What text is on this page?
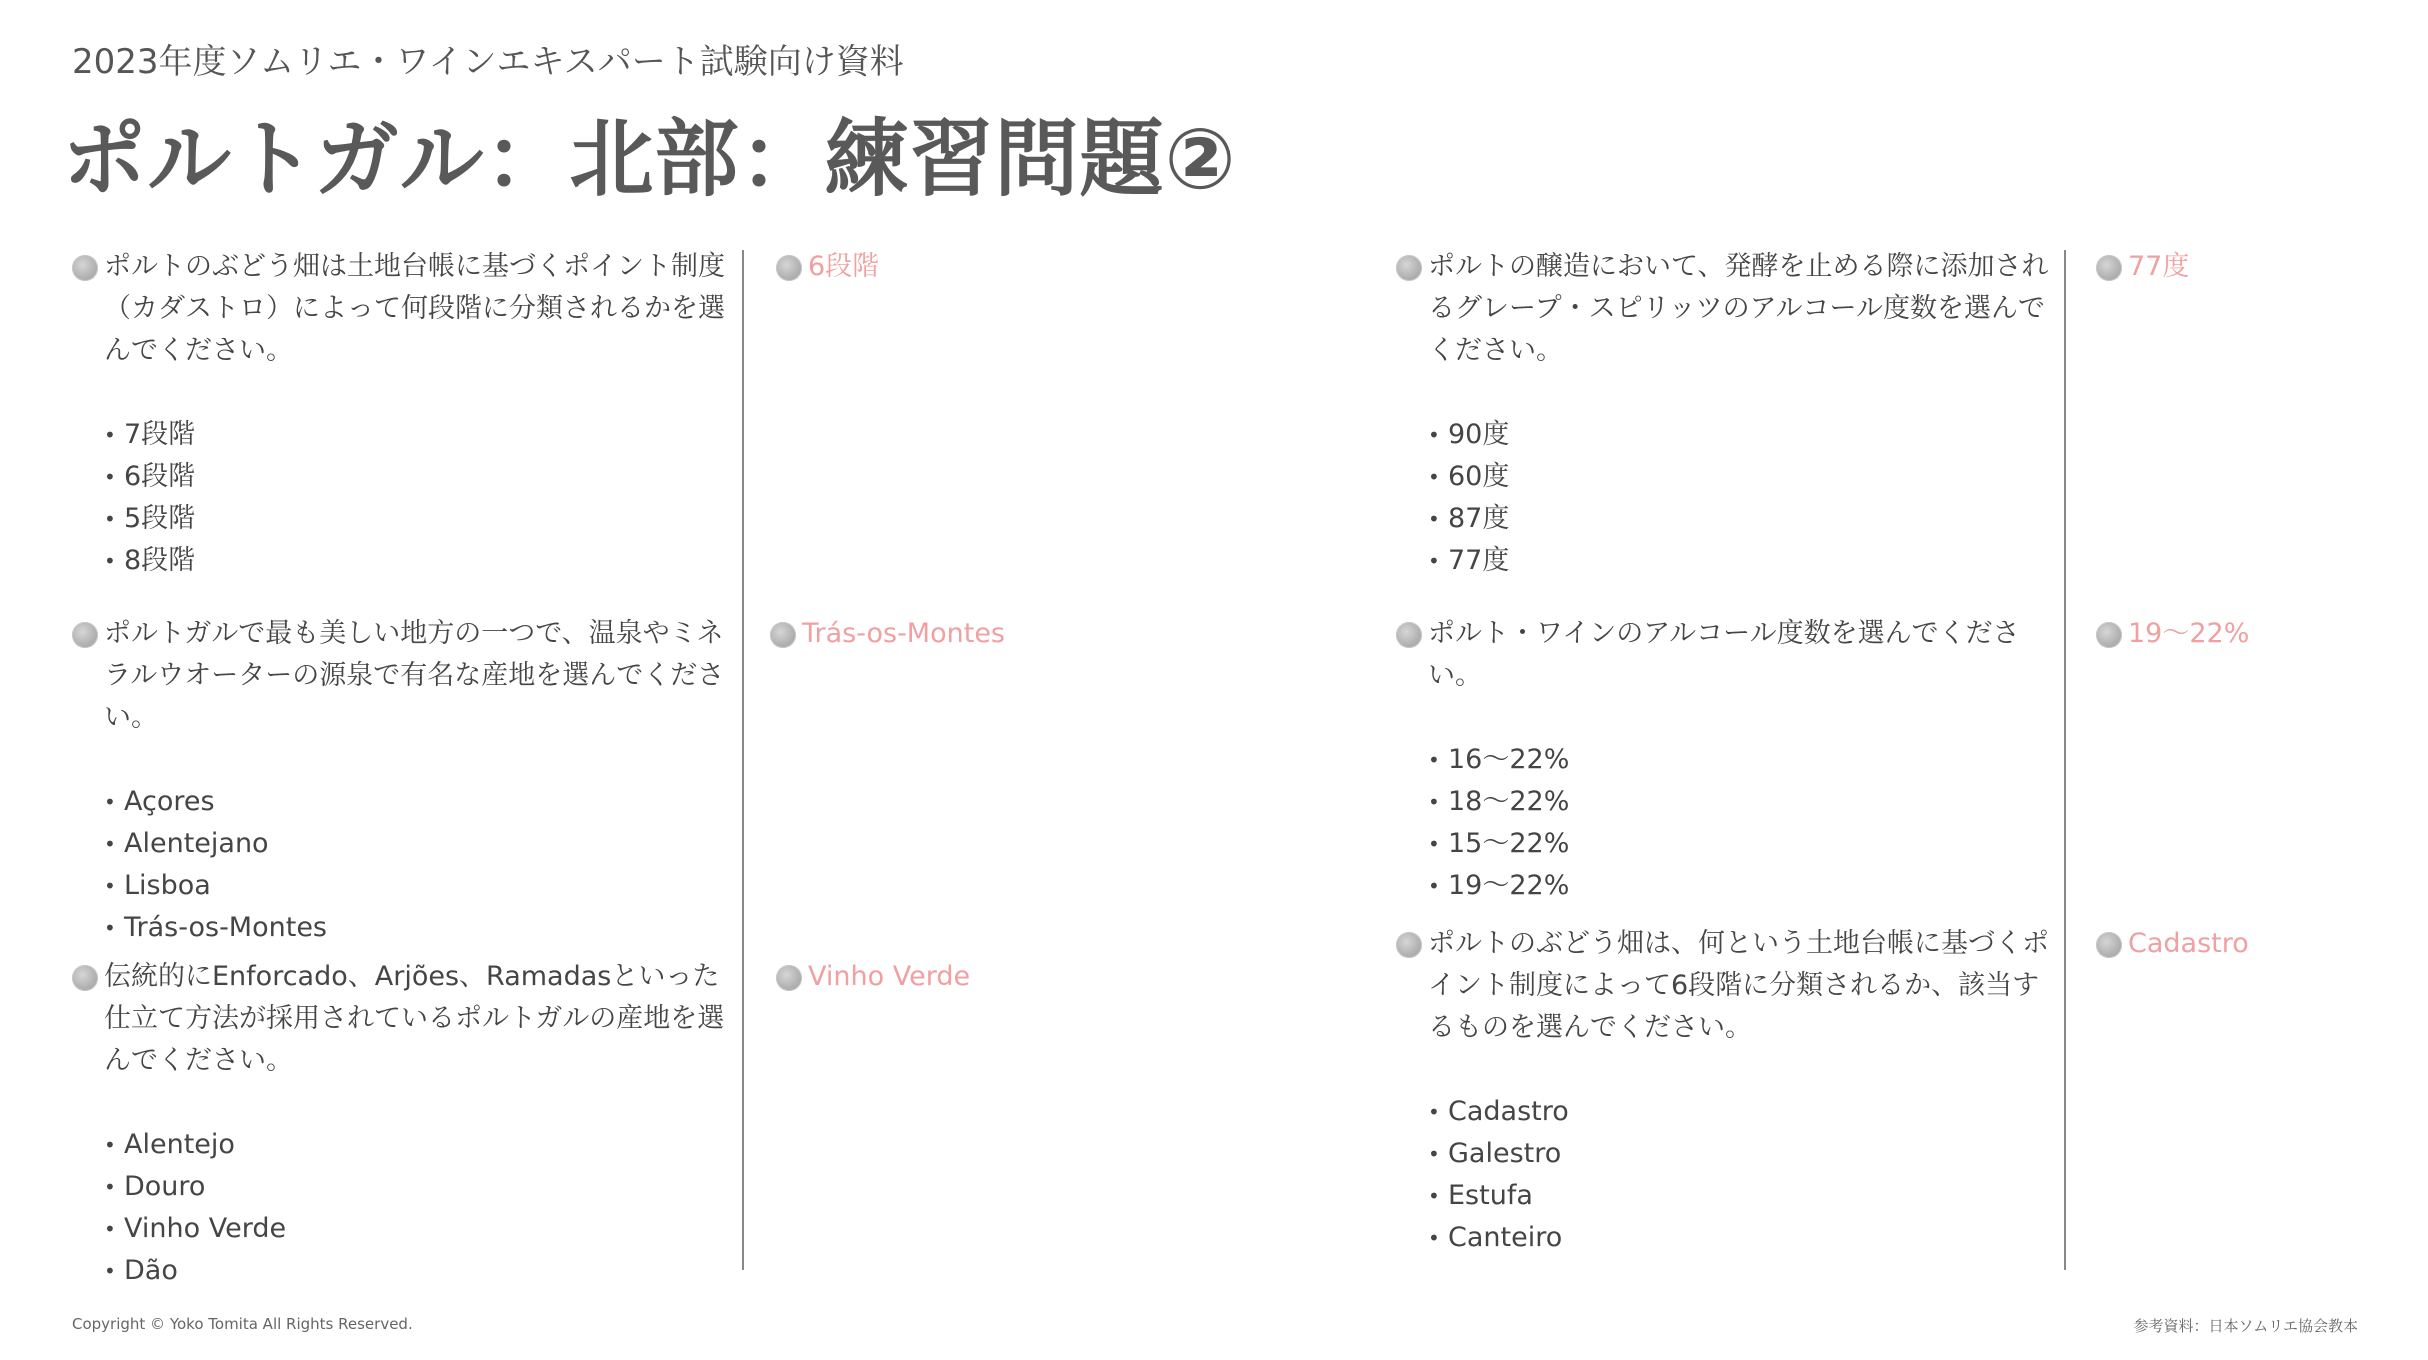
2023年度ソムリエ・ワインエキスパート試験向け資料
ポルトガル：北部：練習問題②
ポルトのぶどう畑は土地台帳に基づくポイント制度（カダストロ）によって何段階に分類されるかを選んでください。
• 7段階
• 6段階
• 5段階
• 8段階
6段階
ポルトガルで最も美しい地方の一つで、温泉やミネラルウオーターの源泉で有名な産地を選んでください。
• Açores
• Alentejano
• Lisboa
• Trás-os-Montes
Trás-os-Montes
伝統的にEnforcado、Arjões、Ramadasといった仕立て方法が採用されているポルトガルの産地を選んでください。
• Alentejo
• Douro
• Vinho Verde
• Dão
Vinho Verde
ポルトの醸造において、発酵を止める際に添加されるグレープ・スピリッツのアルコール度数を選んでください。
• 90度
• 60度
• 87度
• 77度
77度
ポルト・ワインのアルコール度数を選んでください。
• 16〜22%
• 18〜22%
• 15〜22%
• 19〜22%
19〜22%
ポルトのぶどう畑は、何という土地台帳に基づくポイント制度によって6段階に分類されるか、該当するものを選んでください。
• Cadastro
• Galestro
• Estufa
• Canteiro
Cadastro
Copyright © Yoko Tomita All Rights Reserved.	参考資料：日本ソムリエ協会教本
